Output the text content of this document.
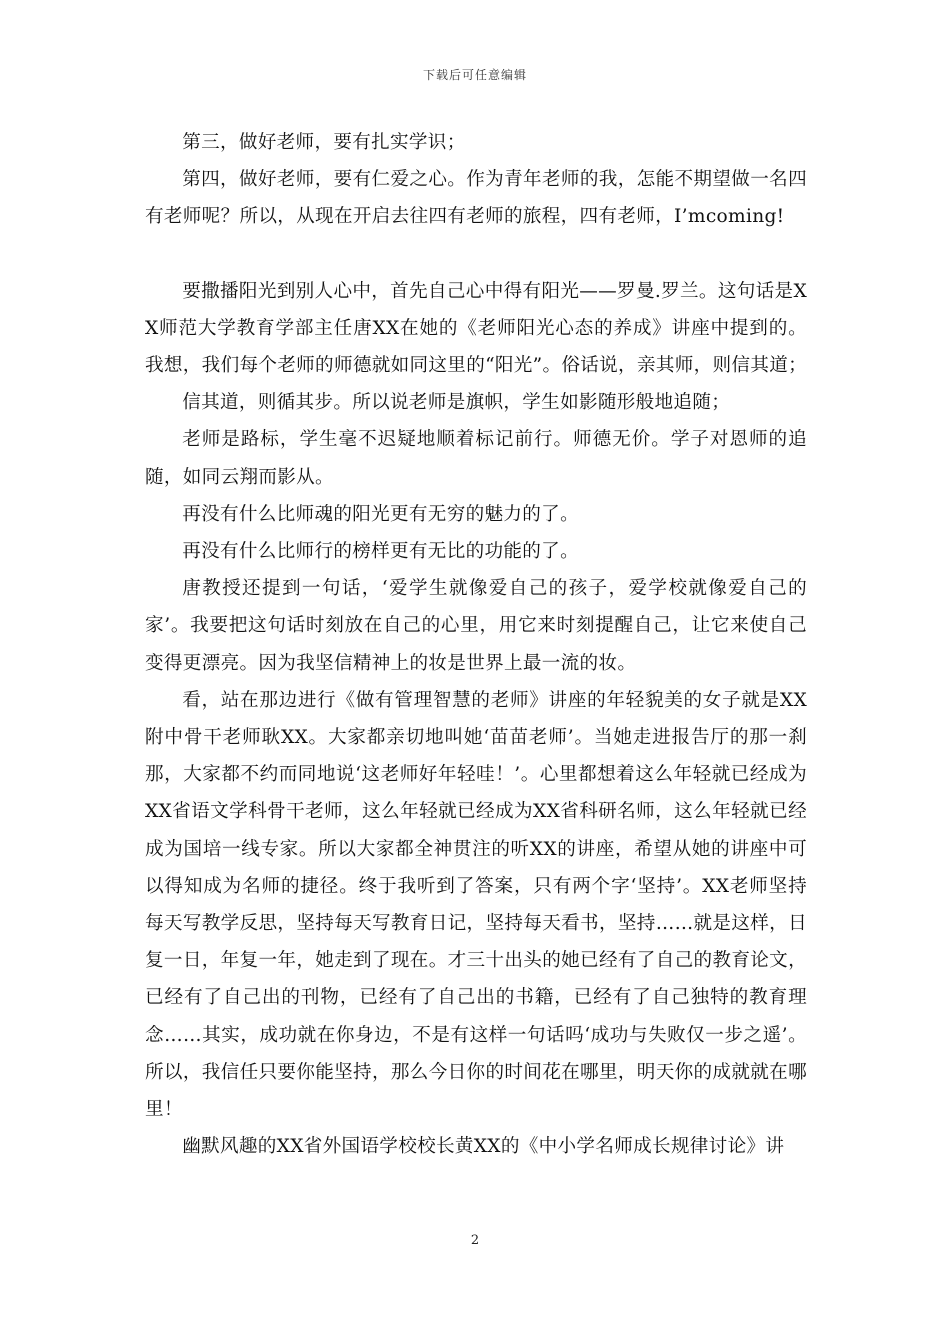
下载后可任意编辑

第三，做好老师，要有扎实学识；

第四，做好老师，要有仁爱之心。作为青年老师的我，怎能不期望做一名四有老师呢？所以，从现在开启去往四有老师的旅程，四有老师，I’mcoming!

要撒播阳光到别人心中，首先自己心中得有阳光——罗曼.罗兰。这句话是XX师范大学教育学部主任唐XX在她的《老师阳光心态的养成》讲座中提到的。我想，我们每个老师的师德就如同这里的“阳光”。俗话说，亲其师，则信其道；

信其道，则循其步。所以说老师是旗帜，学生如影随形般地追随；

老师是路标，学生毫不迟疑地顺着标记前行。师德无价。学子对恩师的追随，如同云翔而影从。

再没有什么比师魂的阳光更有无穷的魅力的了。

再没有什么比师行的榜样更有无比的功能的了。

唐教授还提到一句话，‘爱学生就像爱自己的孩子，爱学校就像爱自己的家’。我要把这句话时刻放在自己的心里，用它来时刻提醒自己，让它来使自己变得更漂亮。因为我坚信精神上的妆是世界上最一流的妆。

看，站在那边进行《做有管理智慧的老师》讲座的年轻貌美的女子就是XX附中骨干老师耿XX。大家都亲切地叫她‘苗苗老师’。当她走进报告厅的那一刹那，大家都不约而同地说‘这老师好年轻哇！’。心里都想着这么年轻就已经成为XX省语文学科骨干老师，这么年轻就已经成为XX省科研名师，这么年轻就已经成为国培一线专家。所以大家都全神贯注的听XX的讲座，希望从她的讲座中可以得知成为名师的捷径。终于我听到了答案，只有两个字‘坚持’。XX老师坚持每天写教学反思，坚持每天写教育日记，坚持每天看书，坚持……就是这样，日复一日，年复一年，她走到了现在。才三十出头的她已经有了自己的教育论文，已经有了自己出的刊物，已经有了自己出的书籍，已经有了自己独特的教育理念……其实，成功就在你身边，不是有这样一句话吗‘成功与失败仅一步之遥’。所以，我信任只要你能坚持，那么今日你的时间花在哪里，明天你的成就就在哪里！

幽默风趣的XX省外国语学校校长黄XX的《中小学名师成长规律讨论》讲

2
